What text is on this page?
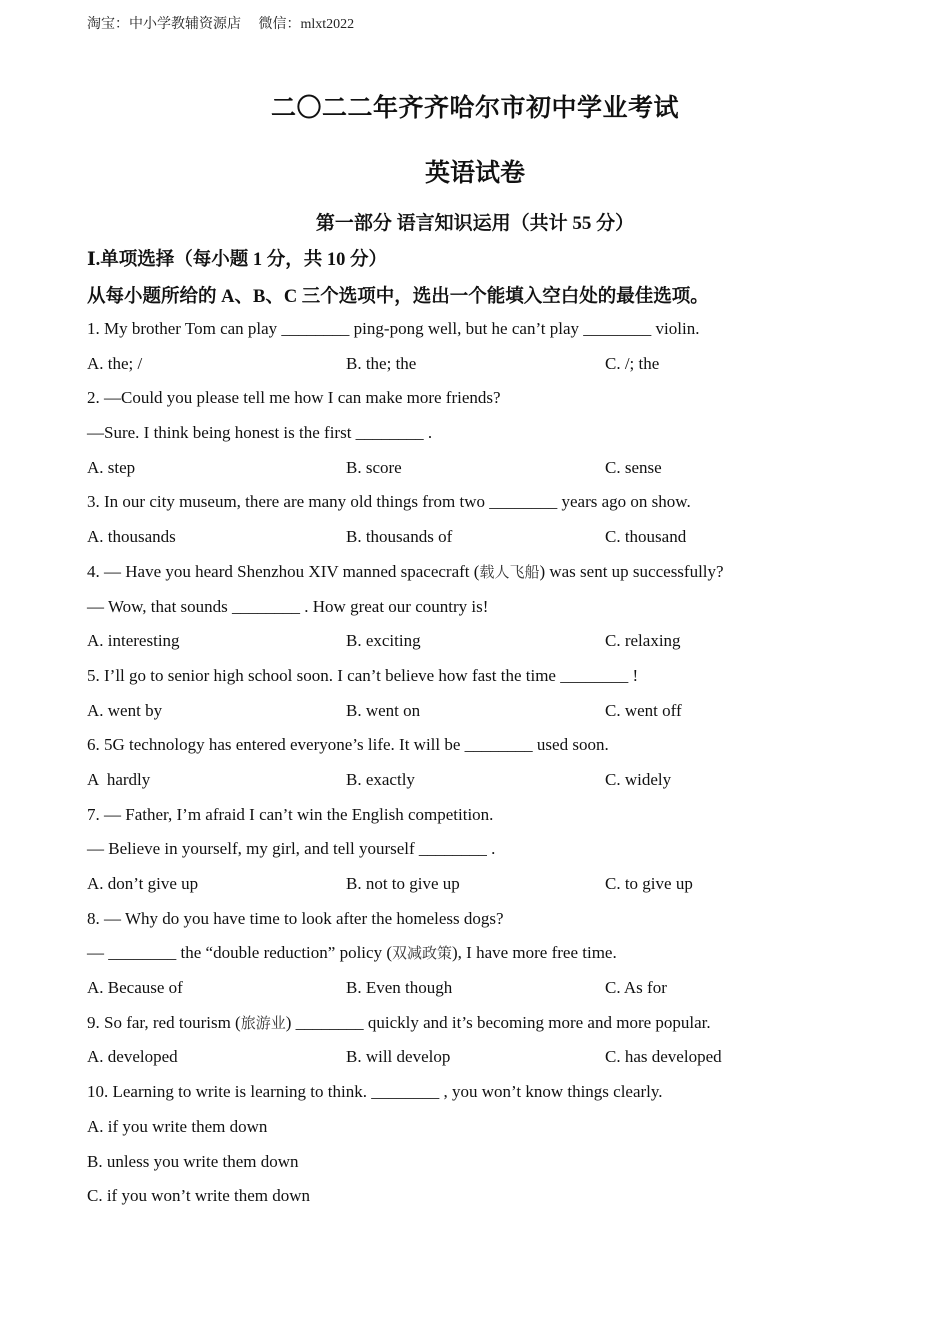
淘宝：中小学教辅资源店 微信：mlxt2022
二〇二二年齐齐哈尔市初中学业考试
英语试卷
第一部分 语言知识运用（共计 55 分）
Ⅰ.单项选择（每小题 1 分，共 10 分）
从每小题所给的 A、B、C 三个选项中，选出一个能填入空白处的最佳选项。
1. My brother Tom can play ________ ping-pong well, but he can’t play ________ violin.
A. the; /	B. the; the	C. /; the
2. —Could you please tell me how I can make more friends?
—Sure. I think being honest is the first ________ .
A. step	B. score	C. sense
3. In our city museum, there are many old things from two ________ years ago on show.
A. thousands	B. thousands of	C. thousand
4. — Have you heard Shenzhou XIV manned spacecraft (载人飞船) was sent up successfully?
— Wow, that sounds ________ . How great our country is!
A. interesting	B. exciting	C. relaxing
5. I’ll go to senior high school soon. I can’t believe how fast the time ________ !
A. went by	B. went on	C. went off
6. 5G technology has entered everyone’s life. It will be ________ used soon.
A  hardly	B. exactly	C. widely
7. — Father, I’m afraid I can’t win the English competition.
— Believe in yourself, my girl, and tell yourself ________ .
A. don’t give up	B. not to give up	C. to give up
8. — Why do you have time to look after the homeless dogs?
— ________ the “double reduction” policy (双减政策), I have more free time.
A. Because of	B. Even though	C. As for
9. So far, red tourism (旅游业) ________ quickly and it’s becoming more and more popular.
A. developed	B. will develop	C. has developed
10. Learning to write is learning to think. ________ , you won’t know things clearly.
A. if you write them down
B. unless you write them down
C. if you won’t write them down
